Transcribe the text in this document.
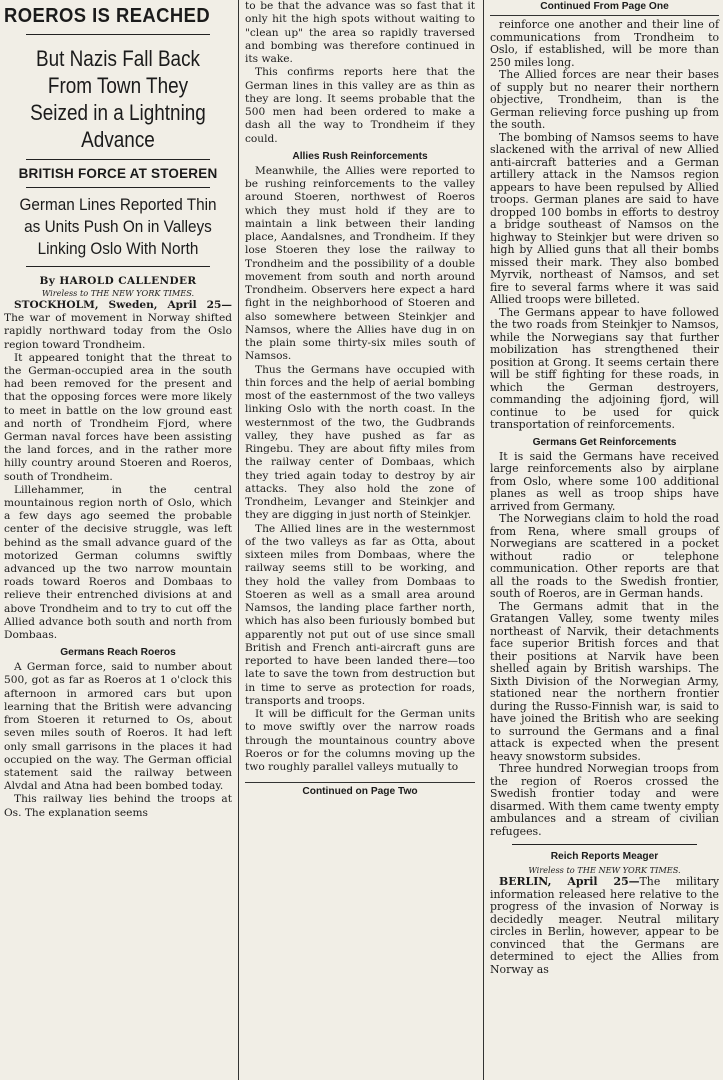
ROEROS IS REACHED
But Nazis Fall Back From Town They Seized in a Lightning Advance
BRITISH FORCE AT STOEREN
German Lines Reported Thin as Units Push On in Valleys Linking Oslo With North
By HAROLD CALLENDER
Wireless to THE NEW YORK TIMES.

STOCKHOLM, Sweden, April 25—The war of movement in Norway shifted rapidly northward today from the Oslo region toward Trondheim.

It appeared tonight that the threat to the German-occupied area in the south had been removed for the present and that the opposing forces were more likely to meet in battle on the low ground east and north of Trondheim Fjord, where German naval forces have been assisting the land forces, and in the rather more hilly country around Stoeren and Roeros, south of Trondheim.

Lillehammer, in the central mountainous region north of Oslo, which a few days ago seemed the probable center of the decisive struggle, was left behind as the small advance guard of the motorized German columns swiftly advanced up the two narrow mountain roads toward Roeros and Dombaas to relieve their entrenched divisions at and above Trondheim and to try to cut off the Allied advance both south and north from Dombaas.

Germans Reach Roeros

A German force, said to number about 500, got as far as Roeros at 1 o'clock this afternoon in armored cars but upon learning that the British were advancing from Stoeren it returned to Os, about seven miles south of Roeros. It had left only small garrisons in the places it had occupied on the way. The German official statement said the railway between Alvdal and Atna had been bombed today.

This railway lies behind the troops at Os. The explanation seems

to be that the advance was so fast that it only hit the high spots without waiting to "clean up" the area so rapidly traversed and bombing was therefore continued in its wake.

This confirms reports here that the German lines in this valley are as thin as they are long. It seems probable that the 500 men had been ordered to make a dash all the way to Trondheim if they could.

Allies Rush Reinforcements

Meanwhile, the Allies were reported to be rushing reinforcements to the valley around Stoeren, northwest of Roeros which they must hold if they are to maintain a link between their landing place, Aandalsnes, and Trondheim. If they lose Stoeren they lose the railway to Trondheim and the possibility of a double movement from south and north around Trondheim. Observers here expect a hard fight in the neighborhood of Stoeren and also somewhere between Steinkjer and Namsos, where the Allies have dug in on the plain some thirty-six miles south of Namsos.

Thus the Germans have occupied with thin forces and the help of aerial bombing most of the easternmost of the two valleys linking Oslo with the north coast. In the westernmost of the two, the Gudbrands valley, they have pushed as far as Ringebu. They are about fifty miles from the railway center of Dombaas, which they tried again today to destroy by air attacks. They also hold the zone of Trondheim, Levanger and Steinkjer and they are digging in just north of Steinkjer.

The Allied lines are in the westernmost of the two valleys as far as Otta, about sixteen miles from Dombaas, where the railway seems still to be working, and they hold the valley from Dombaas to Stoeren as well as a small area around Namsos, the landing place farther north, which has also been furiously bombed but apparently not put out of use since small British and French anti-aircraft guns are reported to have been landed there—too late to save the town from destruction but in time to serve as protection for roads, transports and troops.

It will be difficult for the German units to move swiftly over the narrow roads through the mountainous country above Roeros or for the columns moving up the two roughly parallel valleys mutually to

Continued on Page Two
Continued From Page One

reinforce one another and their line of communications from Trondheim to Oslo, if established, will be more than 250 miles long.

The Allied forces are near their bases of supply but no nearer their northern objective, Trondheim, than is the German relieving force pushing up from the south.

The bombing of Namsos seems to have slackened with the arrival of new Allied anti-aircraft batteries and a German artillery attack in the Namsos region appears to have been repulsed by Allied troops. German planes are said to have dropped 100 bombs in efforts to destroy a bridge southeast of Namsos on the highway to Steinkjer but were driven so high by Allied guns that all their bombs missed their mark. They also bombed Myrvik, northeast of Namsos, and set fire to several farms where it was said Allied troops were billeted.

The Germans appear to have followed the two roads from Steinkjer to Namsos, while the Norwegians say that further mobilization has strengthened their position at Grong. It seems certain there will be stiff fighting for these roads, in which the German destroyers, commanding the adjoining fjord, will continue to be used for quick transportation of reinforcements.

Germans Get Reinforcements

It is said the Germans have received large reinforcements also by airplane from Oslo, where some 100 additional planes as well as troop ships have arrived from Germany.

The Norwegians claim to hold the road from Rena, where small groups of Norwegians are scattered in a pocket without radio or telephone communication. Other reports are that all the roads to the Swedish frontier, south of Roeros, are in German hands.

The Germans admit that in the Gratangen Valley, some twenty miles northeast of Narvik, their detachments face superior British forces and that their positions at Narvik have been shelled again by British warships. The Sixth Division of the Norwegian Army, stationed near the northern frontier during the Russo-Finnish war, is said to have joined the British who are seeking to surround the Germans and a final attack is expected when the present heavy snowstorm subsides.

Three hundred Norwegian troops from the region of Roeros crossed the Swedish frontier today and were disarmed. With them came twenty empty ambulances and a stream of civilian refugees.

Reich Reports Meager
Wireless to THE NEW YORK TIMES.

BERLIN, April 25—The military information released here relative to the progress of the invasion of Norway is decidedly meager. Neutral military circles in Berlin, however, appear to be convinced that the Germans are determined to eject the Allies from Norway as
